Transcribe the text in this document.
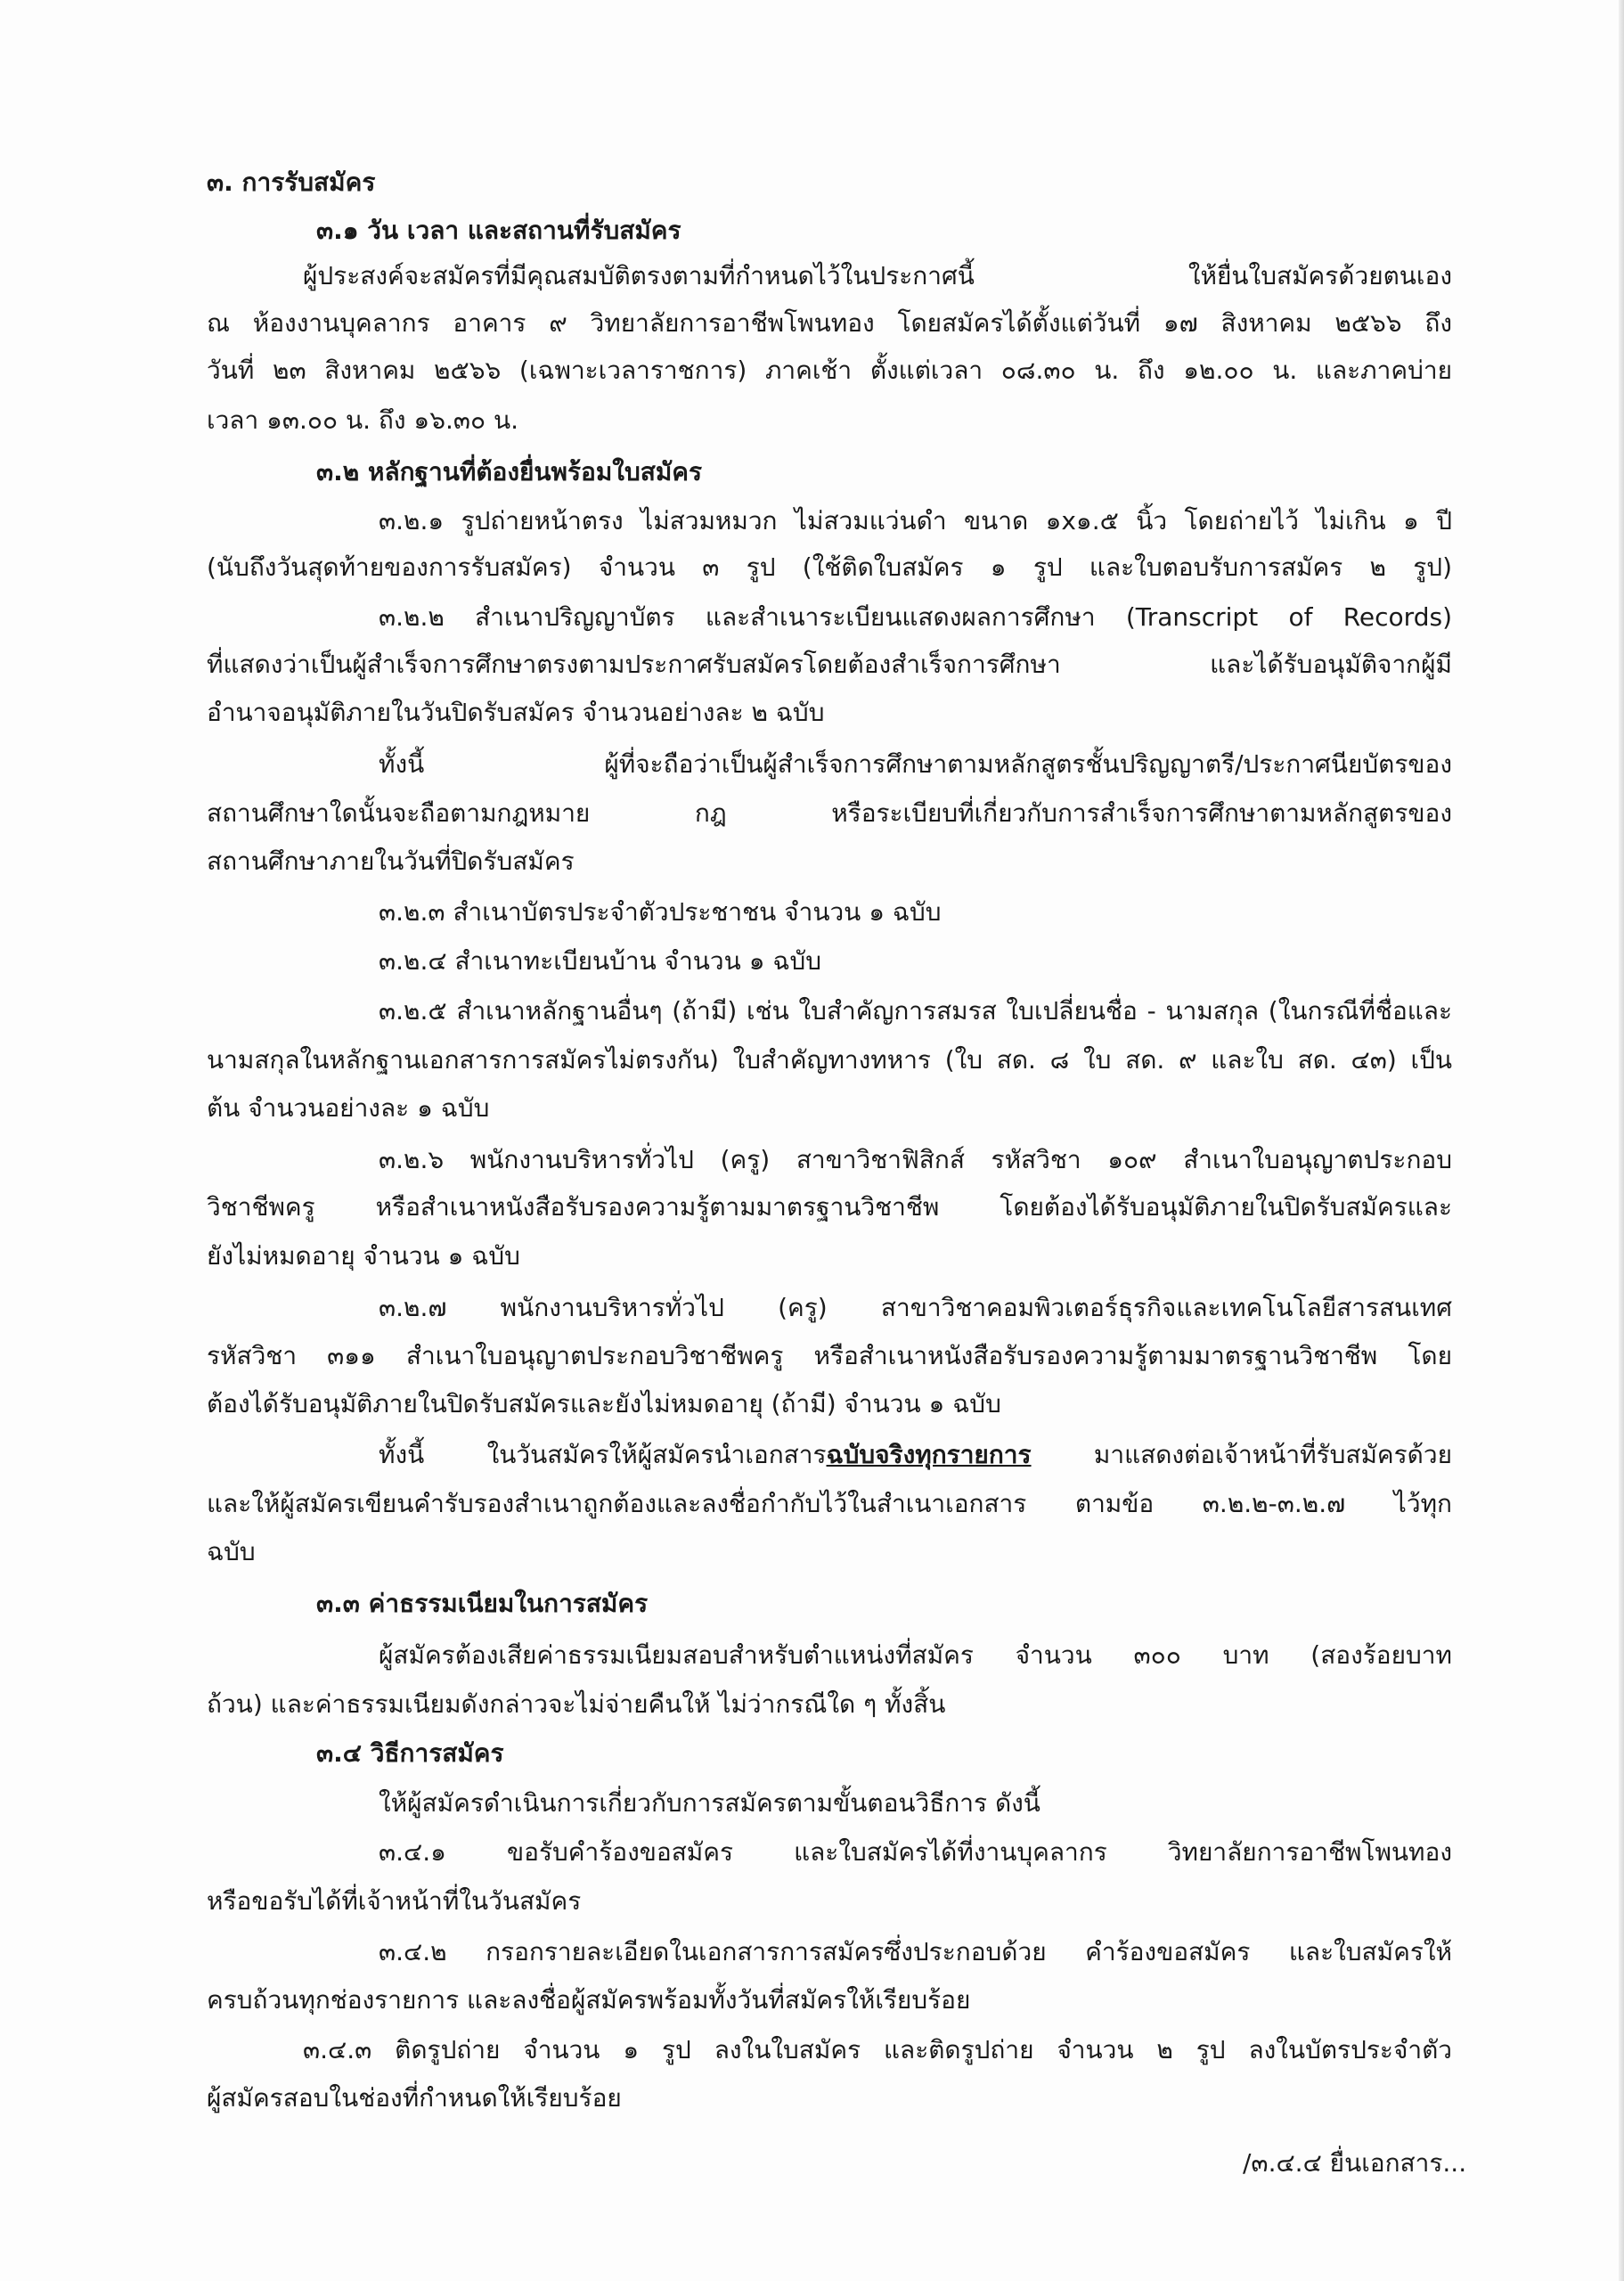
๓. การรับสมัคร
๓.๑ วัน เวลา และสถานที่รับสมัคร
ผู้ประสงค์จะสมัครที่มีคุณสมบัติตรงตามที่กำหนดไว้ในประกาศนี้ ให้ยื่นใบสมัครด้วยตนเอง
ณ ห้องงานบุคลากร อาคาร ๙ วิทยาลัยการอาชีพโพนทอง โดยสมัครได้ตั้งแต่วันที่ ๑๗ สิงหาคม ๒๕๖๖ ถึง
วันที่ ๒๓ สิงหาคม ๒๕๖๖ (เฉพาะเวลาราชการ) ภาคเช้า ตั้งแต่เวลา ๐๘.๓๐ น. ถึง ๑๒.๐๐ น. และภาคบ่าย
เวลา ๑๓.๐๐ น. ถึง ๑๖.๓๐ น.
๓.๒ หลักฐานที่ต้องยื่นพร้อมใบสมัคร
๓.๒.๑ รูปถ่ายหน้าตรง ไม่สวมหมวก ไม่สวมแว่นดำ ขนาด ๑x๑.๕ นิ้ว โดยถ่ายไว้ ไม่เกิน ๑ ปี
(นับถึงวันสุดท้ายของการรับสมัคร) จำนวน ๓ รูป (ใช้ติดใบสมัคร ๑ รูป และใบตอบรับการสมัคร ๒ รูป)
๓.๒.๒ สำเนาปริญญาบัตร และสำเนาระเบียนแสดงผลการศึกษา (Transcript of Records)
ที่แสดงว่าเป็นผู้สำเร็จการศึกษาตรงตามประกาศรับสมัครโดยต้องสำเร็จการศึกษา และได้รับอนุมัติจากผู้มี
อำนาจอนุมัติภายในวันปิดรับสมัคร จำนวนอย่างละ ๒ ฉบับ
ทั้งนี้ ผู้ที่จะถือว่าเป็นผู้สำเร็จการศึกษาตามหลักสูตรชั้นปริญญาตรี/ประกาศนียบัตรของ
สถานศึกษาใดนั้นจะถือตามกฎหมาย กฎ หรือระเบียบที่เกี่ยวกับการสำเร็จการศึกษาตามหลักสูตรของ
สถานศึกษาภายในวันที่ปิดรับสมัคร
๓.๒.๓ สำเนาบัตรประจำตัวประชาชน จำนวน ๑ ฉบับ
๓.๒.๔ สำเนาทะเบียนบ้าน จำนวน ๑ ฉบับ
๓.๒.๕ สำเนาหลักฐานอื่นๆ (ถ้ามี) เช่น ใบสำคัญการสมรส ใบเปลี่ยนชื่อ - นามสกุล (ในกรณีที่ชื่อและ
นามสกุลในหลักฐานเอกสารการสมัครไม่ตรงกัน) ใบสำคัญทางทหาร (ใบ สด. ๘ ใบ สด. ๙ และใบ สด. ๔๓) เป็น
ต้น จำนวนอย่างละ ๑ ฉบับ
๓.๒.๖ พนักงานบริหารทั่วไป (ครู) สาขาวิชาฟิสิกส์ รหัสวิชา ๑๐๙ สำเนาใบอนุญาตประกอบ
วิชาชีพครู หรือสำเนาหนังสือรับรองความรู้ตามมาตรฐานวิชาชีพ โดยต้องได้รับอนุมัติภายในปิดรับสมัครและ
ยังไม่หมดอายุ จำนวน ๑ ฉบับ
๓.๒.๗ พนักงานบริหารทั่วไป (ครู) สาขาวิชาคอมพิวเตอร์ธุรกิจและเทคโนโลยีสารสนเทศ
รหัสวิชา ๓๑๑ สำเนาใบอนุญาตประกอบวิชาชีพครู หรือสำเนาหนังสือรับรองความรู้ตามมาตรฐานวิชาชีพ โดย
ต้องได้รับอนุมัติภายในปิดรับสมัครและยังไม่หมดอายุ (ถ้ามี) จำนวน ๑ ฉบับ
ทั้งนี้ ในวันสมัครให้ผู้สมัครนำเอกสารฉบับจริงทุกรายการ มาแสดงต่อเจ้าหน้าที่รับสมัครด้วย
และให้ผู้สมัครเขียนคำรับรองสำเนาถูกต้องและลงชื่อกำกับไว้ในสำเนาเอกสาร ตามข้อ ๓.๒.๒-๓.๒.๗ ไว้ทุก
ฉบับ
๓.๓ ค่าธรรมเนียมในการสมัคร
ผู้สมัครต้องเสียค่าธรรมเนียมสอบสำหรับตำแหน่งที่สมัคร จำนวน ๓๐๐ บาท (สองร้อยบาท
ถ้วน) และค่าธรรมเนียมดังกล่าวจะไม่จ่ายคืนให้ ไม่ว่ากรณีใด ๆ ทั้งสิ้น
๓.๔ วิธีการสมัคร
ให้ผู้สมัครดำเนินการเกี่ยวกับการสมัครตามขั้นตอนวิธีการ ดังนี้
๓.๔.๑ ขอรับคำร้องขอสมัคร และใบสมัครได้ที่งานบุคลากร วิทยาลัยการอาชีพโพนทอง
หรือขอรับได้ที่เจ้าหน้าที่ในวันสมัคร
๓.๔.๒ กรอกรายละเอียดในเอกสารการสมัครซึ่งประกอบด้วย คำร้องขอสมัคร และใบสมัครให้
ครบถ้วนทุกช่องรายการ และลงชื่อผู้สมัครพร้อมทั้งวันที่สมัครให้เรียบร้อย
๓.๔.๓ ติดรูปถ่าย จำนวน ๑ รูป ลงในใบสมัคร และติดรูปถ่าย จำนวน ๒ รูป ลงในบัตรประจำตัว
ผู้สมัครสอบในช่องที่กำหนดให้เรียบร้อย
/๓.๔.๔ ยื่นเอกสาร...
